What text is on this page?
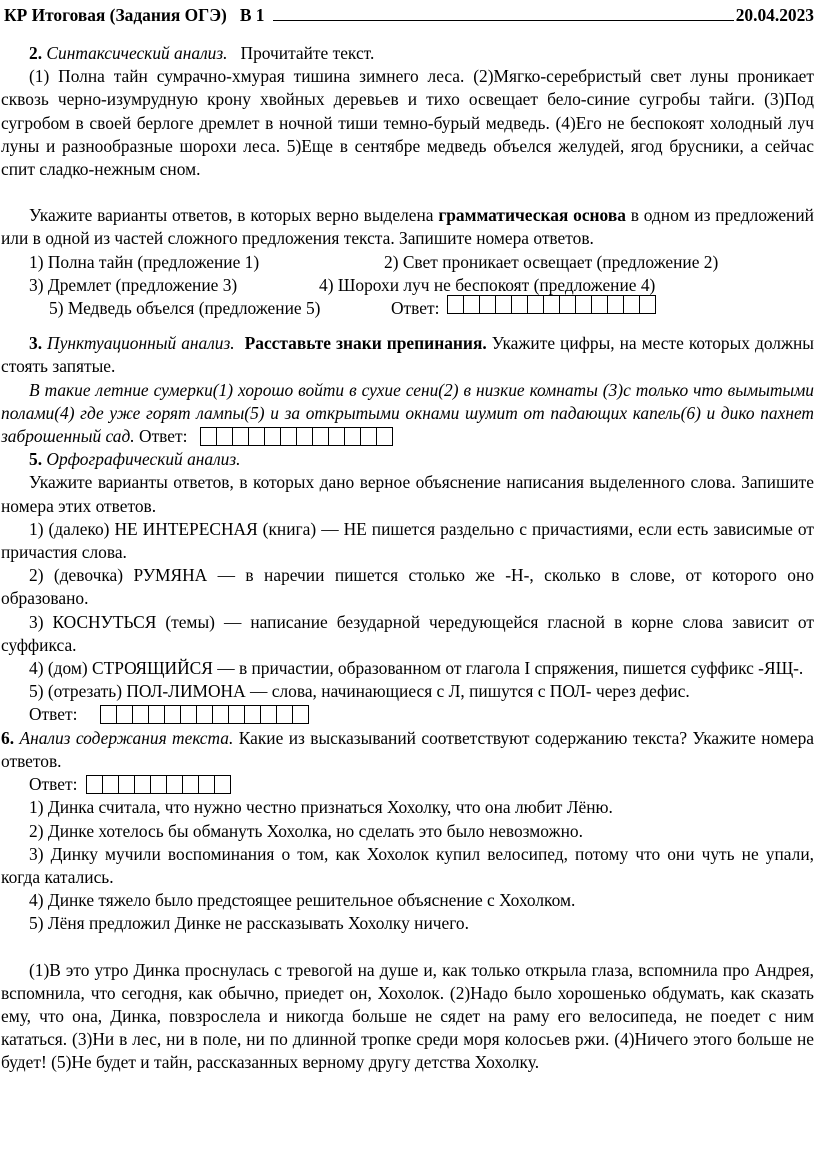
КР Итоговая (Задания ОГЭ)   В 1	20.04.2023

2. Синтаксический анализ. Прочитайте текст.

(1) Полна тайн сумрачно-хмурая тишина зимнего леса. (2)Мягко-серебристый свет луны проникает сквозь черно-изумрудную крону хвойных деревьев и тихо освещает бело-синие сугробы тайги. (3)Под сугробом в своей берлоге дремлет в ночной тиши темно-бурый медведь. (4)Его не беспокоят холодный луч луны и разнообразные шорохи леса. 5)Еще в сентябре медведь объелся желудей, ягод брусники, а сейчас спит сладко-нежным сном.

Укажите варианты ответов, в которых верно выделена грамматическая основа в одном из предложений или в одной из частей сложного предложения текста. Запишите номера ответов.

1) Полна тайн (предложение 1)	2) Свет проникает освещает (предложение 2)
3) Дремлет (предложение 3)	4) Шорохи луч не беспокоят (предложение 4)
5) Медведь объелся (предложение 5)	Ответ:

3. Пунктуационный анализ. Расставьте знаки препинания. Укажите цифры, на месте которых должны стоять запятые.

В такие летние сумерки(1) хорошо войти в сухие сени(2) в низкие комнаты (3)с только что вымытыми полами(4) где уже горят лампы(5) и за открытыми окнами шумит от падающих капель(6) и дико пахнет заброшенный сад. Ответ:

5. Орфографический анализ.

Укажите варианты ответов, в которых дано верное объяснение написания выделенного слова. Запишите номера этих ответов.

1) (далеко) НЕ ИНТЕРЕСНАЯ (книга) — НЕ пишется раздельно с причастиями, если есть зависимые от причастия слова.

2) (девочка) РУМЯНА — в наречии пишется столько же -Н-, сколько в слове, от которого оно образовано.

3) КОСНУТЬСЯ (темы) — написание безударной чередующейся гласной в корне слова зависит от суффикса.

4) (дом) СТРОЯЩИЙСЯ — в причастии, образованном от глагола I спряжения, пишется суффикс -ЯЩ-.

5) (отрезать) ПОЛ-ЛИМОНА — слова, начинающиеся с Л, пишутся с ПОЛ- через дефис.

Ответ:

6. Анализ содержания текста. Какие из высказываний соответствуют содержанию текста? Укажите номера ответов.

Ответ:

1) Динка считала, что нужно честно признаться Хохолку, что она любит Лёню.

2) Динке хотелось бы обмануть Хохолка, но сделать это было невозможно.

3) Динку мучили воспоминания о том, как Хохолок купил велосипед, потому что они чуть не упали, когда катались.

4) Динке тяжело было предстоящее решительное объяснение с Хохолком.

5) Лёня предложил Динке не рассказывать Хохолку ничего.

(1)В это утро Динка проснулась с тревогой на душе и, как только открыла глаза, вспомнила про Андрея, вспомнила, что сегодня, как обычно, приедет он, Хохолок. (2)Надо было хорошенько обдумать, как сказать ему, что она, Динка, повзрослела и никогда больше не сядет на раму его велосипеда, не поедет с ним кататься. (3)Ни в лес, ни в поле, ни по длинной тропке среди моря колосьев ржи. (4)Ничего этого больше не будет! (5)Не будет и тайн, рассказанных верному другу детства Хохолку.
